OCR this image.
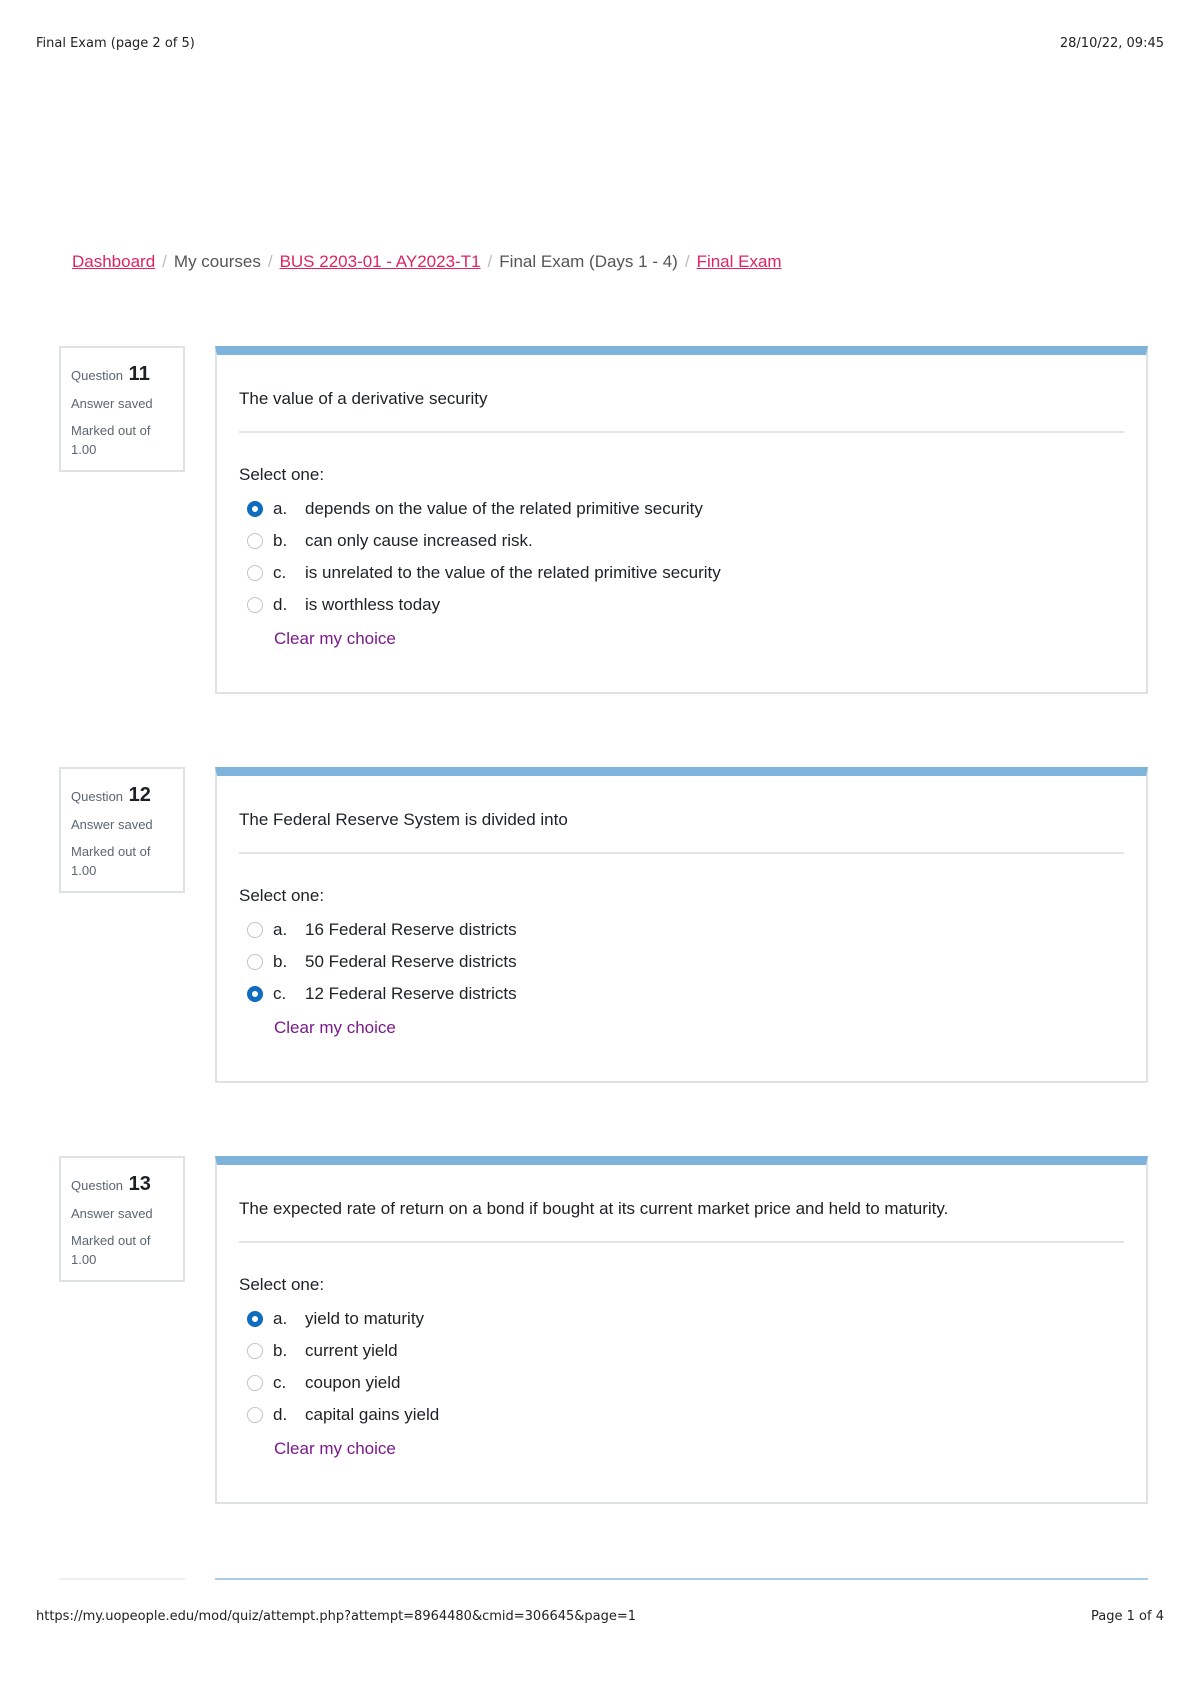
Final Exam (page 2 of 5)	28/10/22, 09:45
Dashboard / My courses / BUS 2203-01 - AY2023-T1 / Final Exam (Days 1 - 4) / Final Exam
Question 11
Answer saved
Marked out of
1.00
The value of a derivative security
Select one:
a.	depends on the value of the related primitive security
b.	can only cause increased risk.
c.	is unrelated to the value of the related primitive security
d.	is worthless today
Clear my choice
Question 12
Answer saved
Marked out of
1.00
The Federal Reserve System is divided into
Select one:
a.	16 Federal Reserve districts
b.	50 Federal Reserve districts
c.	12 Federal Reserve districts
Clear my choice
Question 13
Answer saved
Marked out of
1.00
The expected rate of return on a bond if bought at its current market price and held to maturity.
Select one:
a.	yield to maturity
b.	current yield
c.	coupon yield
d.	capital gains yield
Clear my choice
https://my.uopeople.edu/mod/quiz/attempt.php?attempt=8964480&cmid=306645&page=1	Page 1 of 4
